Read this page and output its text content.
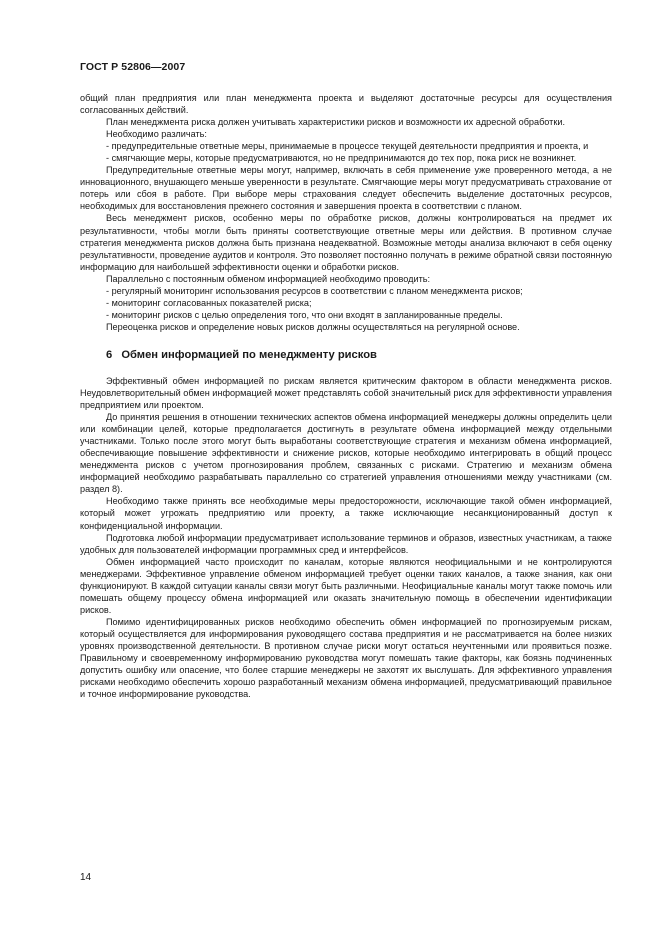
ГОСТ Р 52806—2007

общий план предприятия или план менеджмента проекта и выделяют достаточные ресурсы для осуществления согласованных действий.

План менеджмента риска должен учитывать характеристики рисков и возможности их адресной обработки.

Необходимо различать:

- предупредительные ответные меры, принимаемые в процессе текущей деятельности предприятия и проекта, и

- смягчающие меры, которые предусматриваются, но не предпринимаются до тех пор, пока риск не возникнет.

Предупредительные ответные меры могут, например, включать в себя применение уже проверенного метода, а не инновационного, внушающего меньше уверенности в результате. Смягчающие меры могут предусматривать страхование от потерь или сбоя в работе. При выборе меры страхования следует обеспечить выделение достаточных ресурсов, необходимых для восстановления прежнего состояния и завершения проекта в соответствии с планом.

Весь менеджмент рисков, особенно меры по обработке рисков, должны контролироваться на предмет их результативности, чтобы могли быть приняты соответствующие ответные меры или действия. В противном случае стратегия менеджмента рисков должна быть признана неадекватной. Возможные методы анализа включают в себя оценку результативности, проведение аудитов и контроля. Это позволяет постоянно получать в режиме обратной связи постоянную информацию для наибольшей эффективности оценки и обработки рисков.

Параллельно с постоянным обменом информацией необходимо проводить:

- регулярный мониторинг использования ресурсов в соответствии с планом менеджмента рисков;

- мониторинг согласованных показателей риска;

- мониторинг рисков с целью определения того, что они входят в запланированные пределы.

Переоценка рисков и определение новых рисков должны осуществляться на регулярной основе.

6 Обмен информацией по менеджменту рисков

Эффективный обмен информацией по рискам является критическим фактором в области менеджмента рисков. Неудовлетворительный обмен информацией может представлять собой значительный риск для эффективности управления предприятием или проектом.

До принятия решения в отношении технических аспектов обмена информацией менеджеры должны определить цели или комбинации целей, которые предполагается достигнуть в результате обмена информацией между отдельными участниками. Только после этого могут быть выработаны соответствующие стратегия и механизм обмена информацией, обеспечивающие повышение эффективности и снижение рисков, которые необходимо интегрировать в общий процесс менеджмента рисков с учетом прогнозирования проблем, связанных с рисками. Стратегию и механизм обмена информацией необходимо разрабатывать параллельно со стратегией управления отношениями между участниками (см. раздел 8).

Необходимо также принять все необходимые меры предосторожности, исключающие такой обмен информацией, который может угрожать предприятию или проекту, а также исключающие несанкционированный доступ к конфиденциальной информации.

Подготовка любой информации предусматривает использование терминов и образов, известных участникам, а также удобных для пользователей информации программных сред и интерфейсов.

Обмен информацией часто происходит по каналам, которые являются неофициальными и не контролируются менеджерами. Эффективное управление обменом информацией требует оценки таких каналов, а также знания, как они функционируют. В каждой ситуации каналы связи могут быть различными. Неофициальные каналы могут также помочь или помешать общему процессу обмена информацией или оказать значительную помощь в обеспечении идентификации рисков.

Помимо идентифицированных рисков необходимо обеспечить обмен информацией по прогнозируемым рискам, который осуществляется для информирования руководящего состава предприятия и не рассматривается на более низких уровнях производственной деятельности. В противном случае риски могут остаться неучтенными или проявиться позже. Правильному и своевременному информированию руководства могут помешать такие факторы, как боязнь подчиненных допустить ошибку или опасение, что более старшие менеджеры не захотят их выслушать. Для эффективного управления рисками необходимо обеспечить хорошо разработанный механизм обмена информацией, предусматривающий правильное и точное информирование руководства.

14
